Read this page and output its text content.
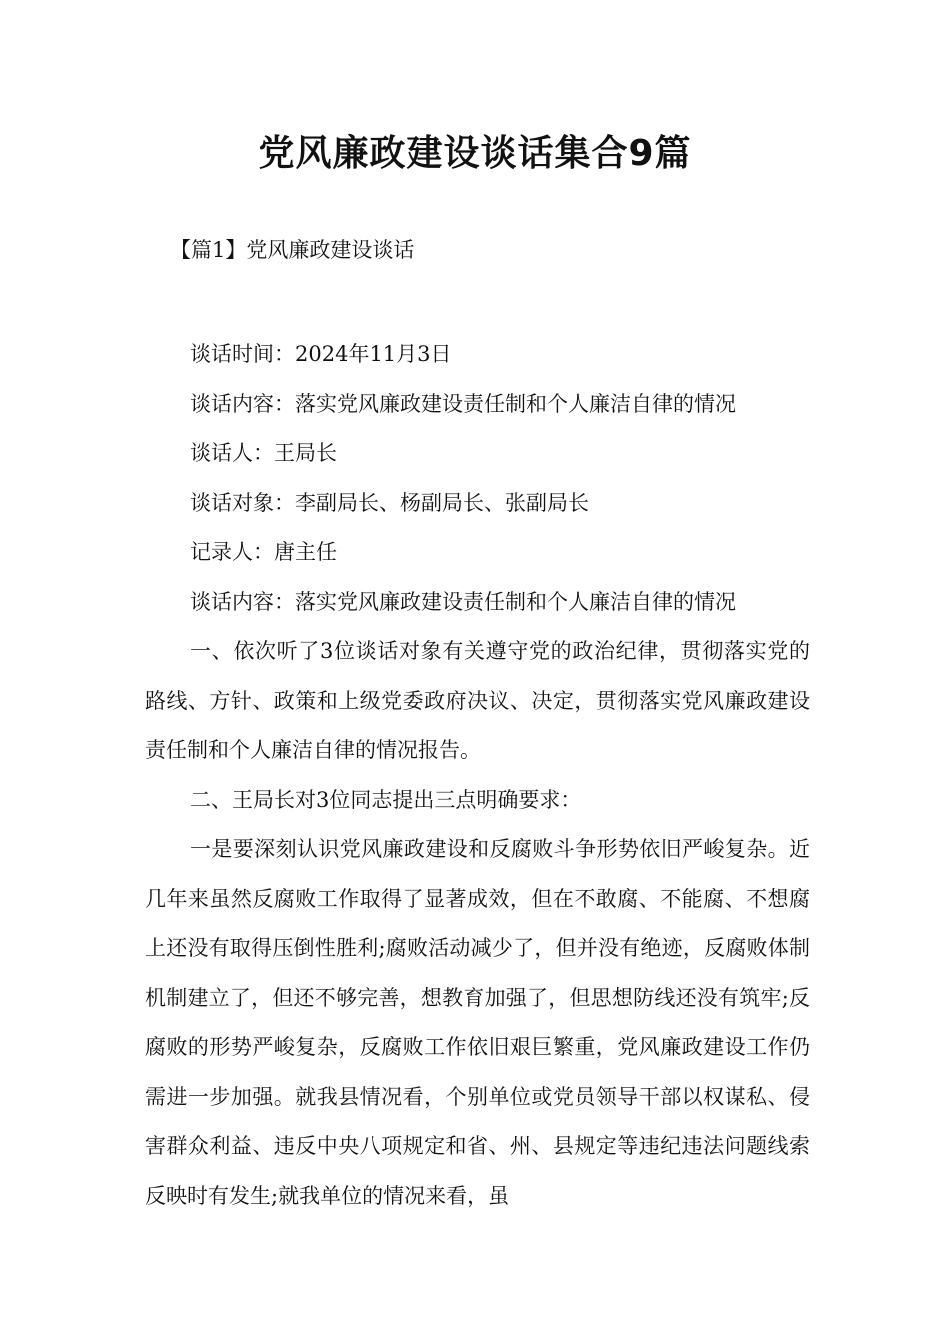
党风廉政建设谈话集合9篇

【篇1】党风廉政建设谈话

谈话时间：2024年11月3日

谈话内容：落实党风廉政建设责任制和个人廉洁自律的情况

谈话人：王局长

谈话对象：李副局长、杨副局长、张副局长

记录人：唐主任

谈话内容：落实党风廉政建设责任制和个人廉洁自律的情况

一、依次听了3位谈话对象有关遵守党的政治纪律，贯彻落实党的路线、方针、政策和上级党委政府决议、决定，贯彻落实党风廉政建设责任制和个人廉洁自律的情况报告。

二、王局长对3位同志提出三点明确要求：

一是要深刻认识党风廉政建设和反腐败斗争形势依旧严峻复杂。近几年来虽然反腐败工作取得了显著成效，但在不敢腐、不能腐、不想腐上还没有取得压倒性胜利;腐败活动减少了，但并没有绝迹，反腐败体制机制建立了，但还不够完善，想教育加强了，但思想防线还没有筑牢;反腐败的形势严峻复杂，反腐败工作依旧艰巨繁重，党风廉政建设工作仍需进一步加强。就我县情况看，个别单位或党员领导干部以权谋私、侵害群众利益、违反中央八项规定和省、州、县规定等违纪违法问题线索反映时有发生;就我单位的情况来看，虽
